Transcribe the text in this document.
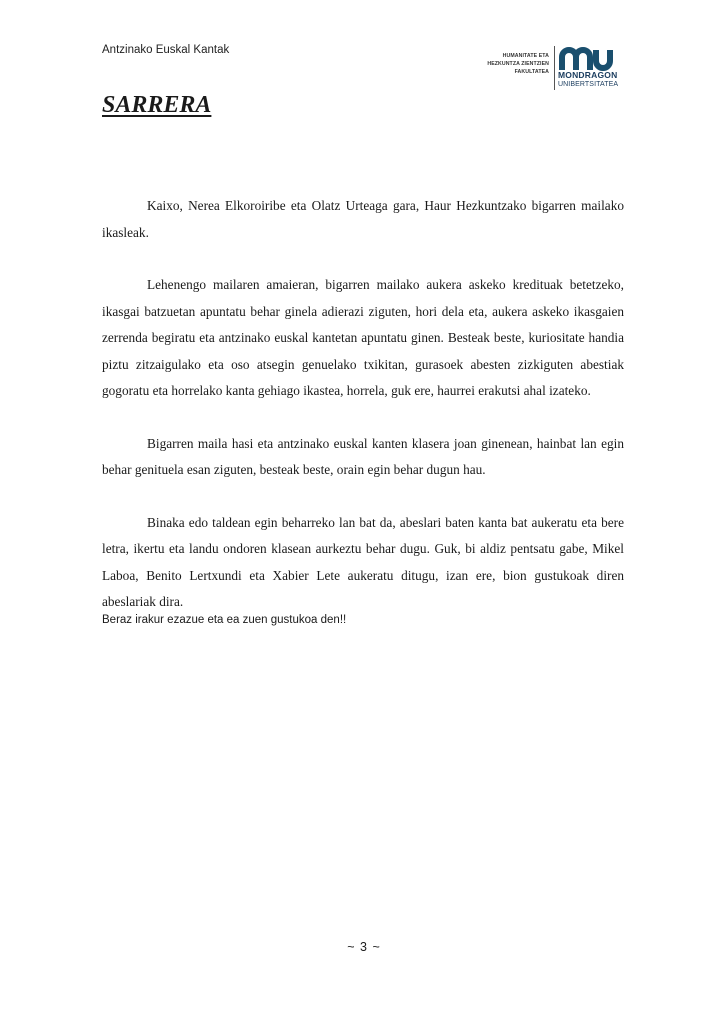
Antzinako Euskal Kantak	HUMANITATE ETA
HEZKUNTZA ZIENTZIEN
FAKULTATEA MONDRAGON
UNIBERTSITATEA
SARRERA

Kaixo, Nerea Elkoroiribe eta Olatz Urteaga gara, Haur Hezkuntzako bigarren mailako ikasleak.

Lehenengo mailaren amaieran, bigarren mailako aukera askeko kredituak betetzeko, ikasgai batzuetan apuntatu behar ginela adierazi ziguten, hori dela eta, aukera askeko ikasgaien zerrenda begiratu eta antzinako euskal kantetan apuntatu ginen. Besteak beste, kuriositate handia piztu zitzaigulako eta oso atsegin genuelako txikitan, gurasoek abesten zizkiguten abestiak gogoratu eta horrelako kanta gehiago ikastea, horrela, guk ere, haurrei erakutsi ahal izateko.

Bigarren maila hasi eta antzinako euskal kanten klasera joan ginenean, hainbat lan egin behar genituela esan ziguten, besteak beste, orain egin behar dugun hau.

Binaka edo taldean egin beharreko lan bat da, abeslari baten kanta bat aukeratu eta bere letra, ikertu eta landu ondoren klasean aurkeztu behar dugu. Guk, bi aldiz pentsatu gabe, Mikel Laboa, Benito Lertxundi eta Xabier Lete aukeratu ditugu, izan ere, bion gustukoak diren abeslariak dira.

Beraz irakur ezazue eta ea zuen gustukoa den!!
~ 3 ~
